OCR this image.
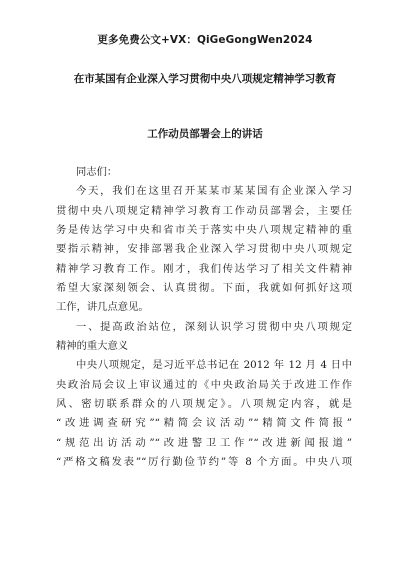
更多免费公文+VX：QiGeGongWen2024
在市某国有企业深入学习贯彻中央八项规定精神学习教育
工作动员部署会上的讲话

同志们：

今天，我们在这里召开某某市某某国有企业深入学习

贯彻中央八项规定精神学习教育工作动员部署会，主要任

务是传达学习中央和省市关于落实中央八项规定精神的重

要指示精神，安排部署我企业深入学习贯彻中央八项规定

精神学习教育工作。刚才，我们传达学习了相关文件精神

希望大家深刻领会、认真贯彻。下面，我就如何抓好这项

工作，讲几点意见。

一、提高政治站位，深刻认识学习贯彻中央八项规定

精神的重大意义

中央八项规定，是习近平总书记在 2012 年 12 月 4 日中

央政治局会议上审议通过的《中央政治局关于改进工作作

风、密切联系群众的八项规定》。八项规定内容，就是

“改进调查研究”“精简会议活动”“精简文件简报”

“规范出访活动”“改进警卫工作”“改进新闻报道”

“严格文稿发表”“厉行勤俭节约”等 8 个方面。中央八项
